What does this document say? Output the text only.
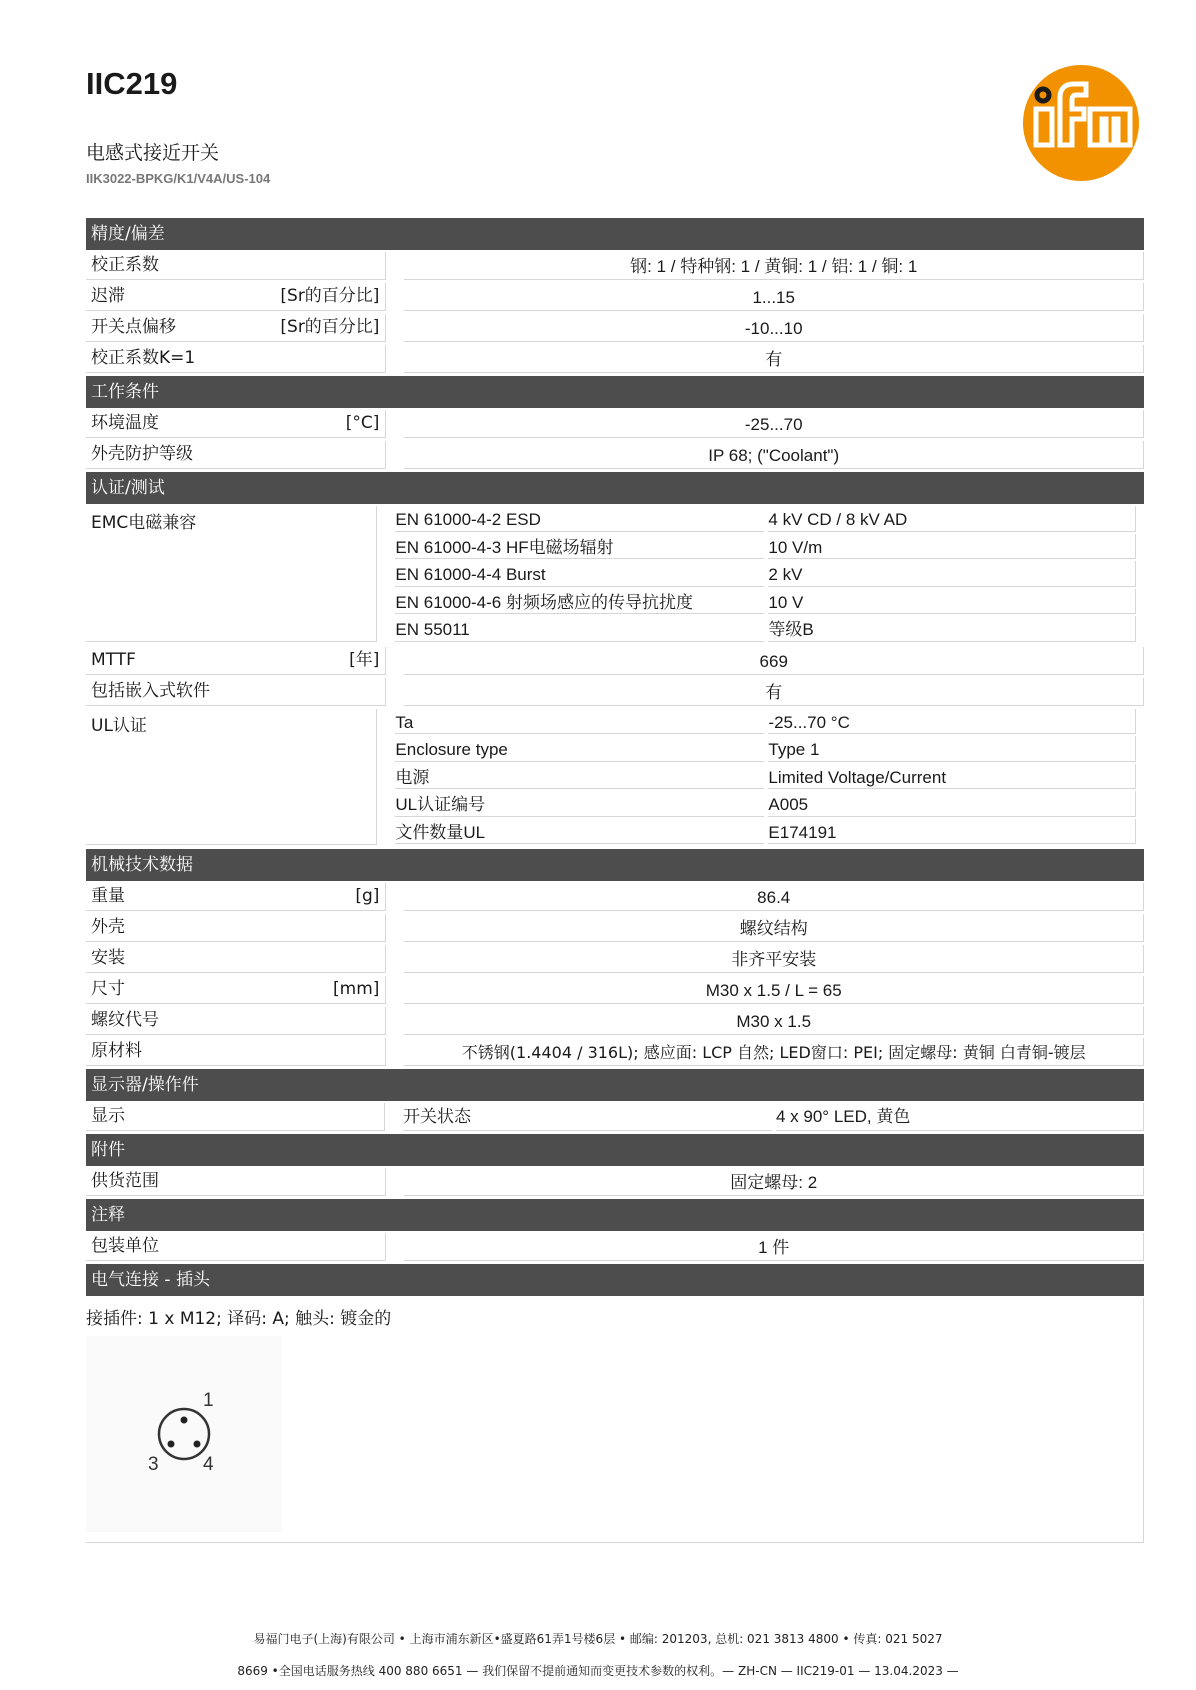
IIC219
电感式接近开关
IIK3022-BPKG/K1/V4A/US-104
精度/偏差
校正系数	钢: 1 / 特种钢: 1 / 黄铜: 1 / 铝: 1 / 铜: 1
迟滞	[Sr的百分比]	1...15
开关点偏移	[Sr的百分比]	-10...10
校正系数K=1	有
工作条件
环境温度	[°C]	-25...70
外壳防护等级	IP 68; ("Coolant")
认证/测试
EMC电磁兼容	EN 61000-4-2 ESD	4 kV CD / 8 kV AD
EN 61000-4-3 HF电磁场辐射	10 V/m
EN 61000-4-4 Burst	2 kV
EN 61000-4-6 射频场感应的传导抗扰度	10 V
EN 55011	等级B
MTTF	[年]	669
包括嵌入式软件	有
UL认证	Ta	-25...70 °C
Enclosure type	Type 1
电源	Limited Voltage/Current
UL认证编号	A005
文件数量UL	E174191
机械技术数据
重量	[g]	86.4
外壳	螺纹结构
安装	非齐平安装
尺寸	[mm]	M30 x 1.5 / L = 65
螺纹代号	M30 x 1.5
原材料	不锈钢(1.4404 / 316L); 感应面: LCP 自然; LED窗口: PEI; 固定螺母: 黄铜 白青铜-镀层
显示器/操作件
显示	开关状态	4 x 90° LED, 黄色
附件
供货范围	固定螺母: 2
注释
包装单位	1 件
电气连接 - 插头
接插件: 1 x M12; 译码: A; 触头: 镀金的
1
3 4
易福门电子(上海)有限公司 • 上海市浦东新区•盛夏路61弄1号楼6层 • 邮编: 201203, 总机: 021 3813 4800 • 传真: 021 5027
8669 •全国电话服务热线 400 880 6651 — 我们保留不提前通知而变更技术参数的权利。— ZH-CN — IIC219-01 — 13.04.2023 —
